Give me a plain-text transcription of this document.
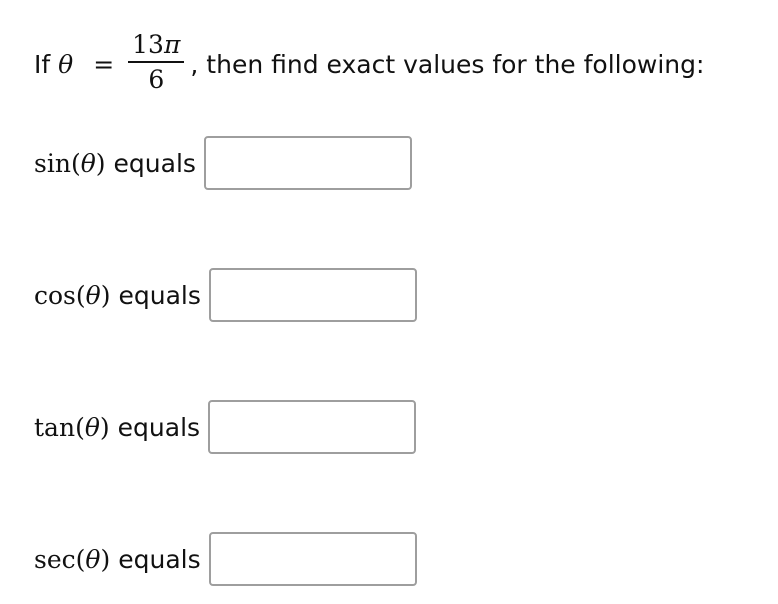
If
$\theta = \frac{13\pi}{6}$ , then find exact values for the following:
sin(θ) equals
cos(θ) equals
tan(θ) equals
sec(θ) equals
